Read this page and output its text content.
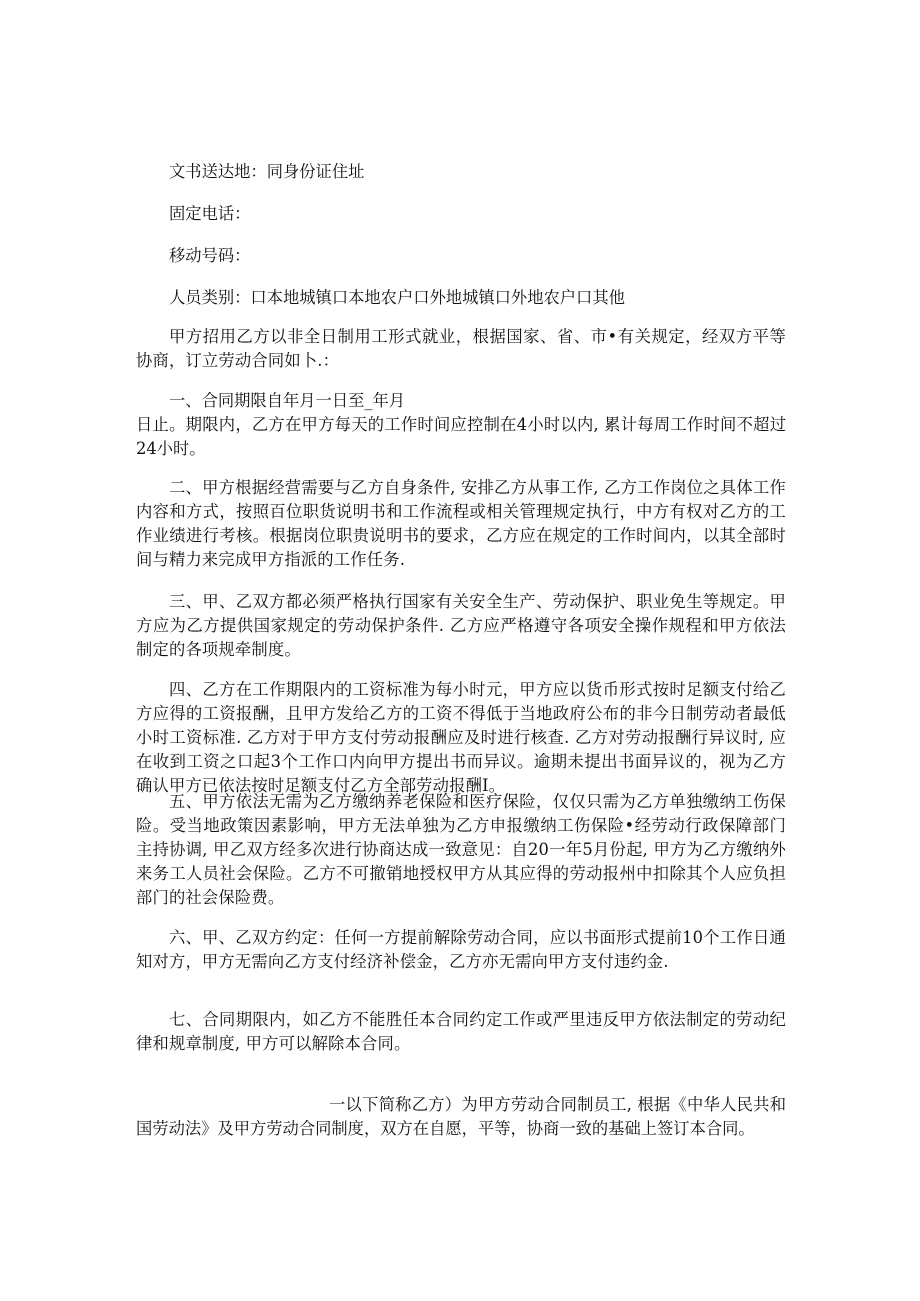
文书送达地：同身份证住址

固定电话：

移动号码：

人员类别：口本地城镇口本地农户口外地城镇口外地农户口其他

甲方招用乙方以非全日制用工形式就业，根据国家、省、市•有关规定，经双方平等协商，订立劳动合同如卜.：

一、合同期限自年月一日至_年月

日止。期限内，乙方在甲方每天的工作时间应控制在4小时以内, 累计每周工作时间不超过24小时。

二、甲方根据经营需要与乙方自身条件, 安排乙方从事工作, 乙方工作岗位之具体工作内容和方式，按照百位职货说明书和工作流程或相关管理规定执行，中方有权对乙方的工作业绩进行考核。根据岗位职贵说明书的要求，乙方应在规定的工作时间内，以其全部时间与精力来完成甲方指派的工作任务.

三、甲、乙双方都必须严格执行国家有关安全生产、劳动保护、职业免生等规定。甲方应为乙方提供国家规定的劳动保护条件. 乙方应严格遵守各项安全操作规程和甲方依法制定的各项规牵制度。

四、乙方在工作期限内的工资标准为每小时元，甲方应以货币形式按时足额支付给乙方应得的工资报酬，且甲方发给乙方的工资不得低于当地政府公布的非今日制劳动者最低小时工资标准. 乙方对于甲方支付劳动报酬应及时进行核查. 乙方对劳动报酬行异议时, 应在收到工资之口起3个工作口内向甲方提出书而异议。逾期未提出书面异议的，视为乙方确认甲方已依法按时足额支付乙方全部劳动报酬I。

五、甲方依法无需为乙方缴纳养老保险和医疗保险，仅仅只需为乙方单独缴纳工伤保险。受当地政策因素影响，甲方无法单独为乙方申报缴纳工伤保险•经劳动行政保障部门主持协调, 甲乙双方经多次进行协商达成一致意见：自20一年5月份起, 甲方为乙方缴纳外来务工人员社会保险。乙方不可撤销地授权甲方从其应得的劳动报州中扣除其个人应负担部门的社会保险费。

六、甲、乙双方约定：任何一方提前解除劳动合同，应以书面形式提前10个工作日通知对方，甲方无需向乙方支付经济补偿金，乙方亦无需向甲方支付违约金.

七、合同期限内，如乙方不能胜任本合同约定工作或严里违反甲方依法制定的劳动纪律和规章制度, 甲方可以解除本合同。

一以下简称乙方）为甲方劳动合同制员工, 根据《中华人民共和国劳动法》及甲方劳动合同制度，双方在自愿，平等，协商一致的基础上签订本合同。
